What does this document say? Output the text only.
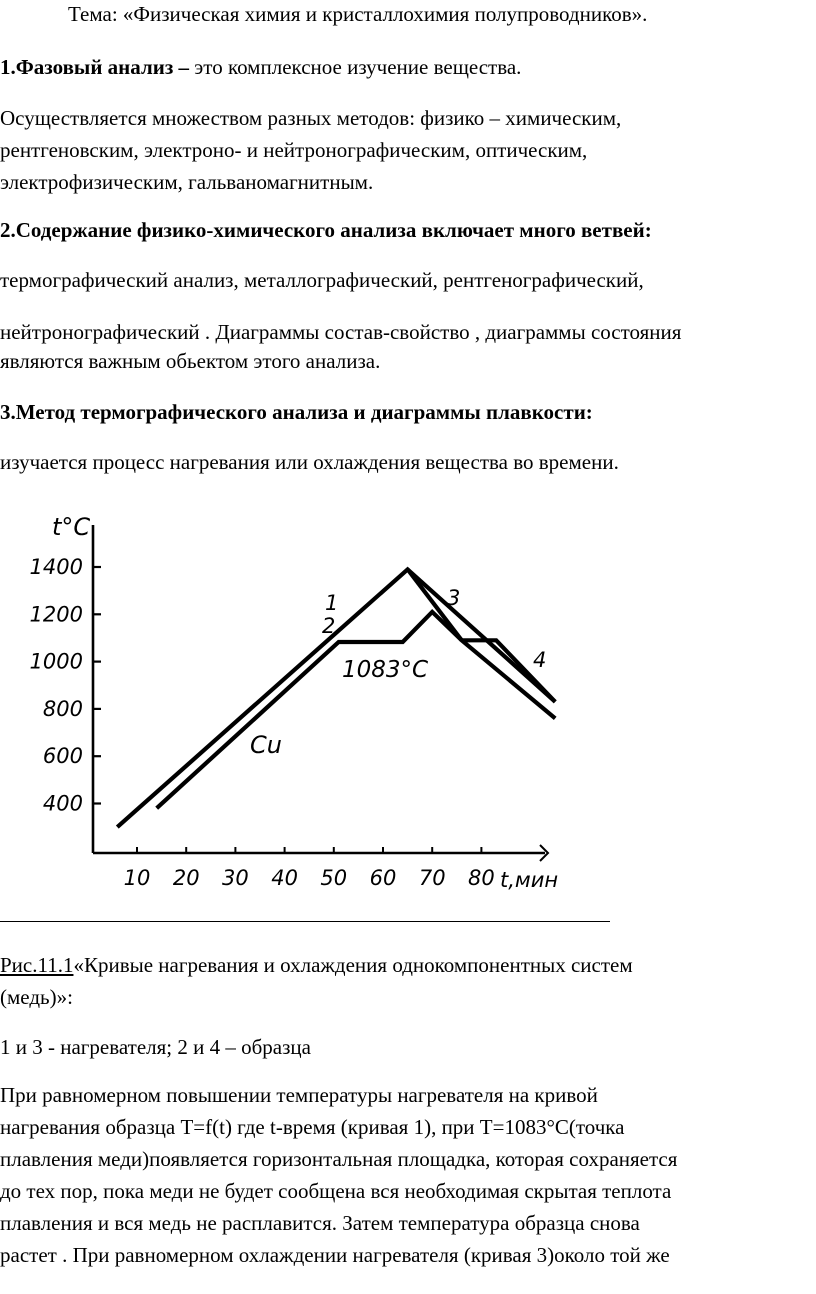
Тема: «Физическая химия и кристаллохимия полупроводников».
1.Фазовый анализ – это комплексное изучение вещества.
Осуществляется множеством разных методов: физико – химическим,
рентгеновским, электроно- и нейтронографическим, оптическим,
электрофизическим, гальваномагнитным.
2.Содержание физико-химического анализа включает много ветвей:
термографический анализ, металлографический, рентгенографический,
нейтронографический . Диаграммы состав-свойство , диаграммы состояния
являются важным обьектом этого анализа.
3.Метод термографического анализа и диаграммы плавкости:
изучается процесс нагревания или охлаждения вещества во времени.
1400
1200
1000
800
600
400
10 20 30 40 50 60 70 80
t°C
t,мин
1
2
3
4
1083°C
Cu
Рис.11.1«Кривые нагревания и охлаждения однокомпонентных систем
(медь)»:
1 и 3 - нагревателя; 2 и 4 – образца
При равномерном повышении температуры нагревателя на кривой
нагревания образца Т=f(t) где t-время (кривая 1), при Т=1083°С(точка
плавления меди)появляется горизонтальная площадка, которая сохраняется
до тех пор, пока меди не будет сообщена вся необходимая скрытая теплота
плавления и вся медь не расплавится. Затем температура образца снова
растет . При равномерном охлаждении нагревателя (кривая 3)около той же
